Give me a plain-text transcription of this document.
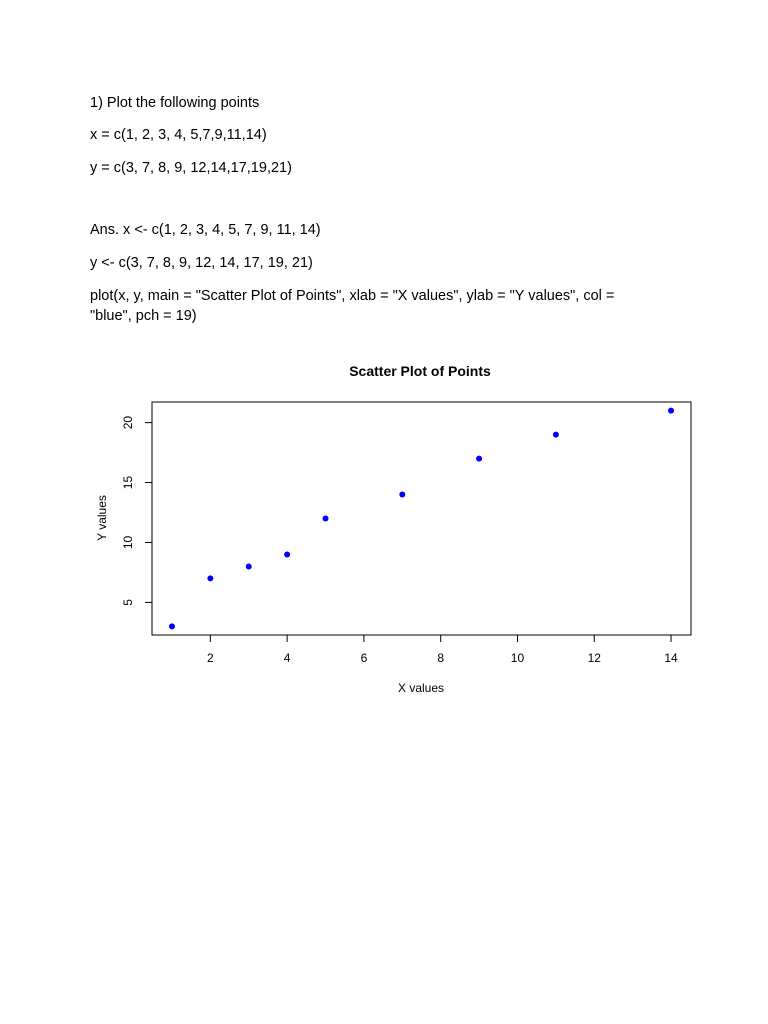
1) Plot the following points
x = c(1, 2, 3, 4, 5,7,9,11,14)
y = c(3, 7, 8, 9, 12,14,17,19,21)
Ans. x <- c(1, 2, 3, 4, 5, 7, 9, 11, 14)
y <- c(3, 7, 8, 9, 12, 14, 17, 19, 21)
plot(x, y, main = "Scatter Plot of Points", xlab = "X values", ylab = "Y values", col =
"blue", pch = 19)
Scatter Plot of Points
2	4	6	8	10	12	14
5
10
15
20
X values
Y values
